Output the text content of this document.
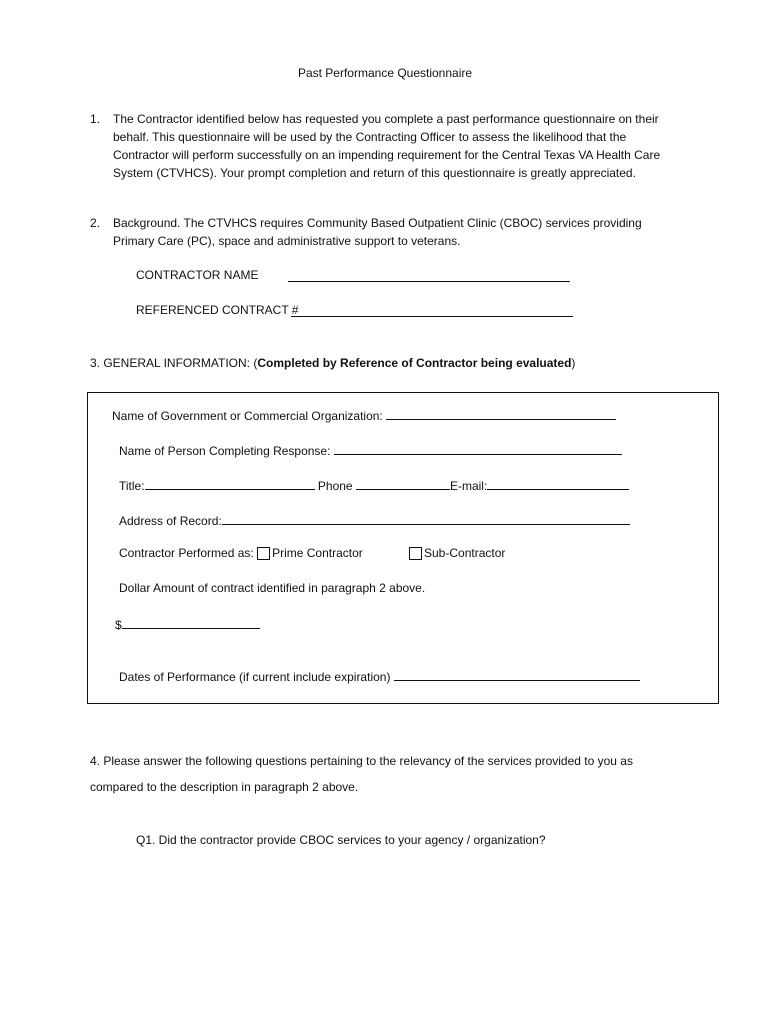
Past Performance Questionnaire
1. The Contractor identified below has requested you complete a past performance questionnaire on their behalf. This questionnaire will be used by the Contracting Officer to assess the likelihood that the Contractor will perform successfully on an impending requirement for the Central Texas VA Health Care System (CTVHCS). Your prompt completion and return of this questionnaire is greatly appreciated.
2. Background. The CTVHCS requires Community Based Outpatient Clinic (CBOC) services providing Primary Care (PC), space and administrative support to veterans.
CONTRACTOR NAME
REFERENCED CONTRACT #
3. GENERAL INFORMATION: (Completed by Reference of Contractor being evaluated)
Name of Government or Commercial Organization:
Name of Person Completing Response:
Title:	Phone	E-mail:
Address of Record:
Contractor Performed as: Prime Contractor	Sub-Contractor
Dollar Amount of contract identified in paragraph 2 above.
$
Dates of Performance (if current include expiration)
4. Please answer the following questions pertaining to the relevancy of the services provided to you as
compared to the description in paragraph 2 above.
Q1. Did the contractor provide CBOC services to your agency / organization?
